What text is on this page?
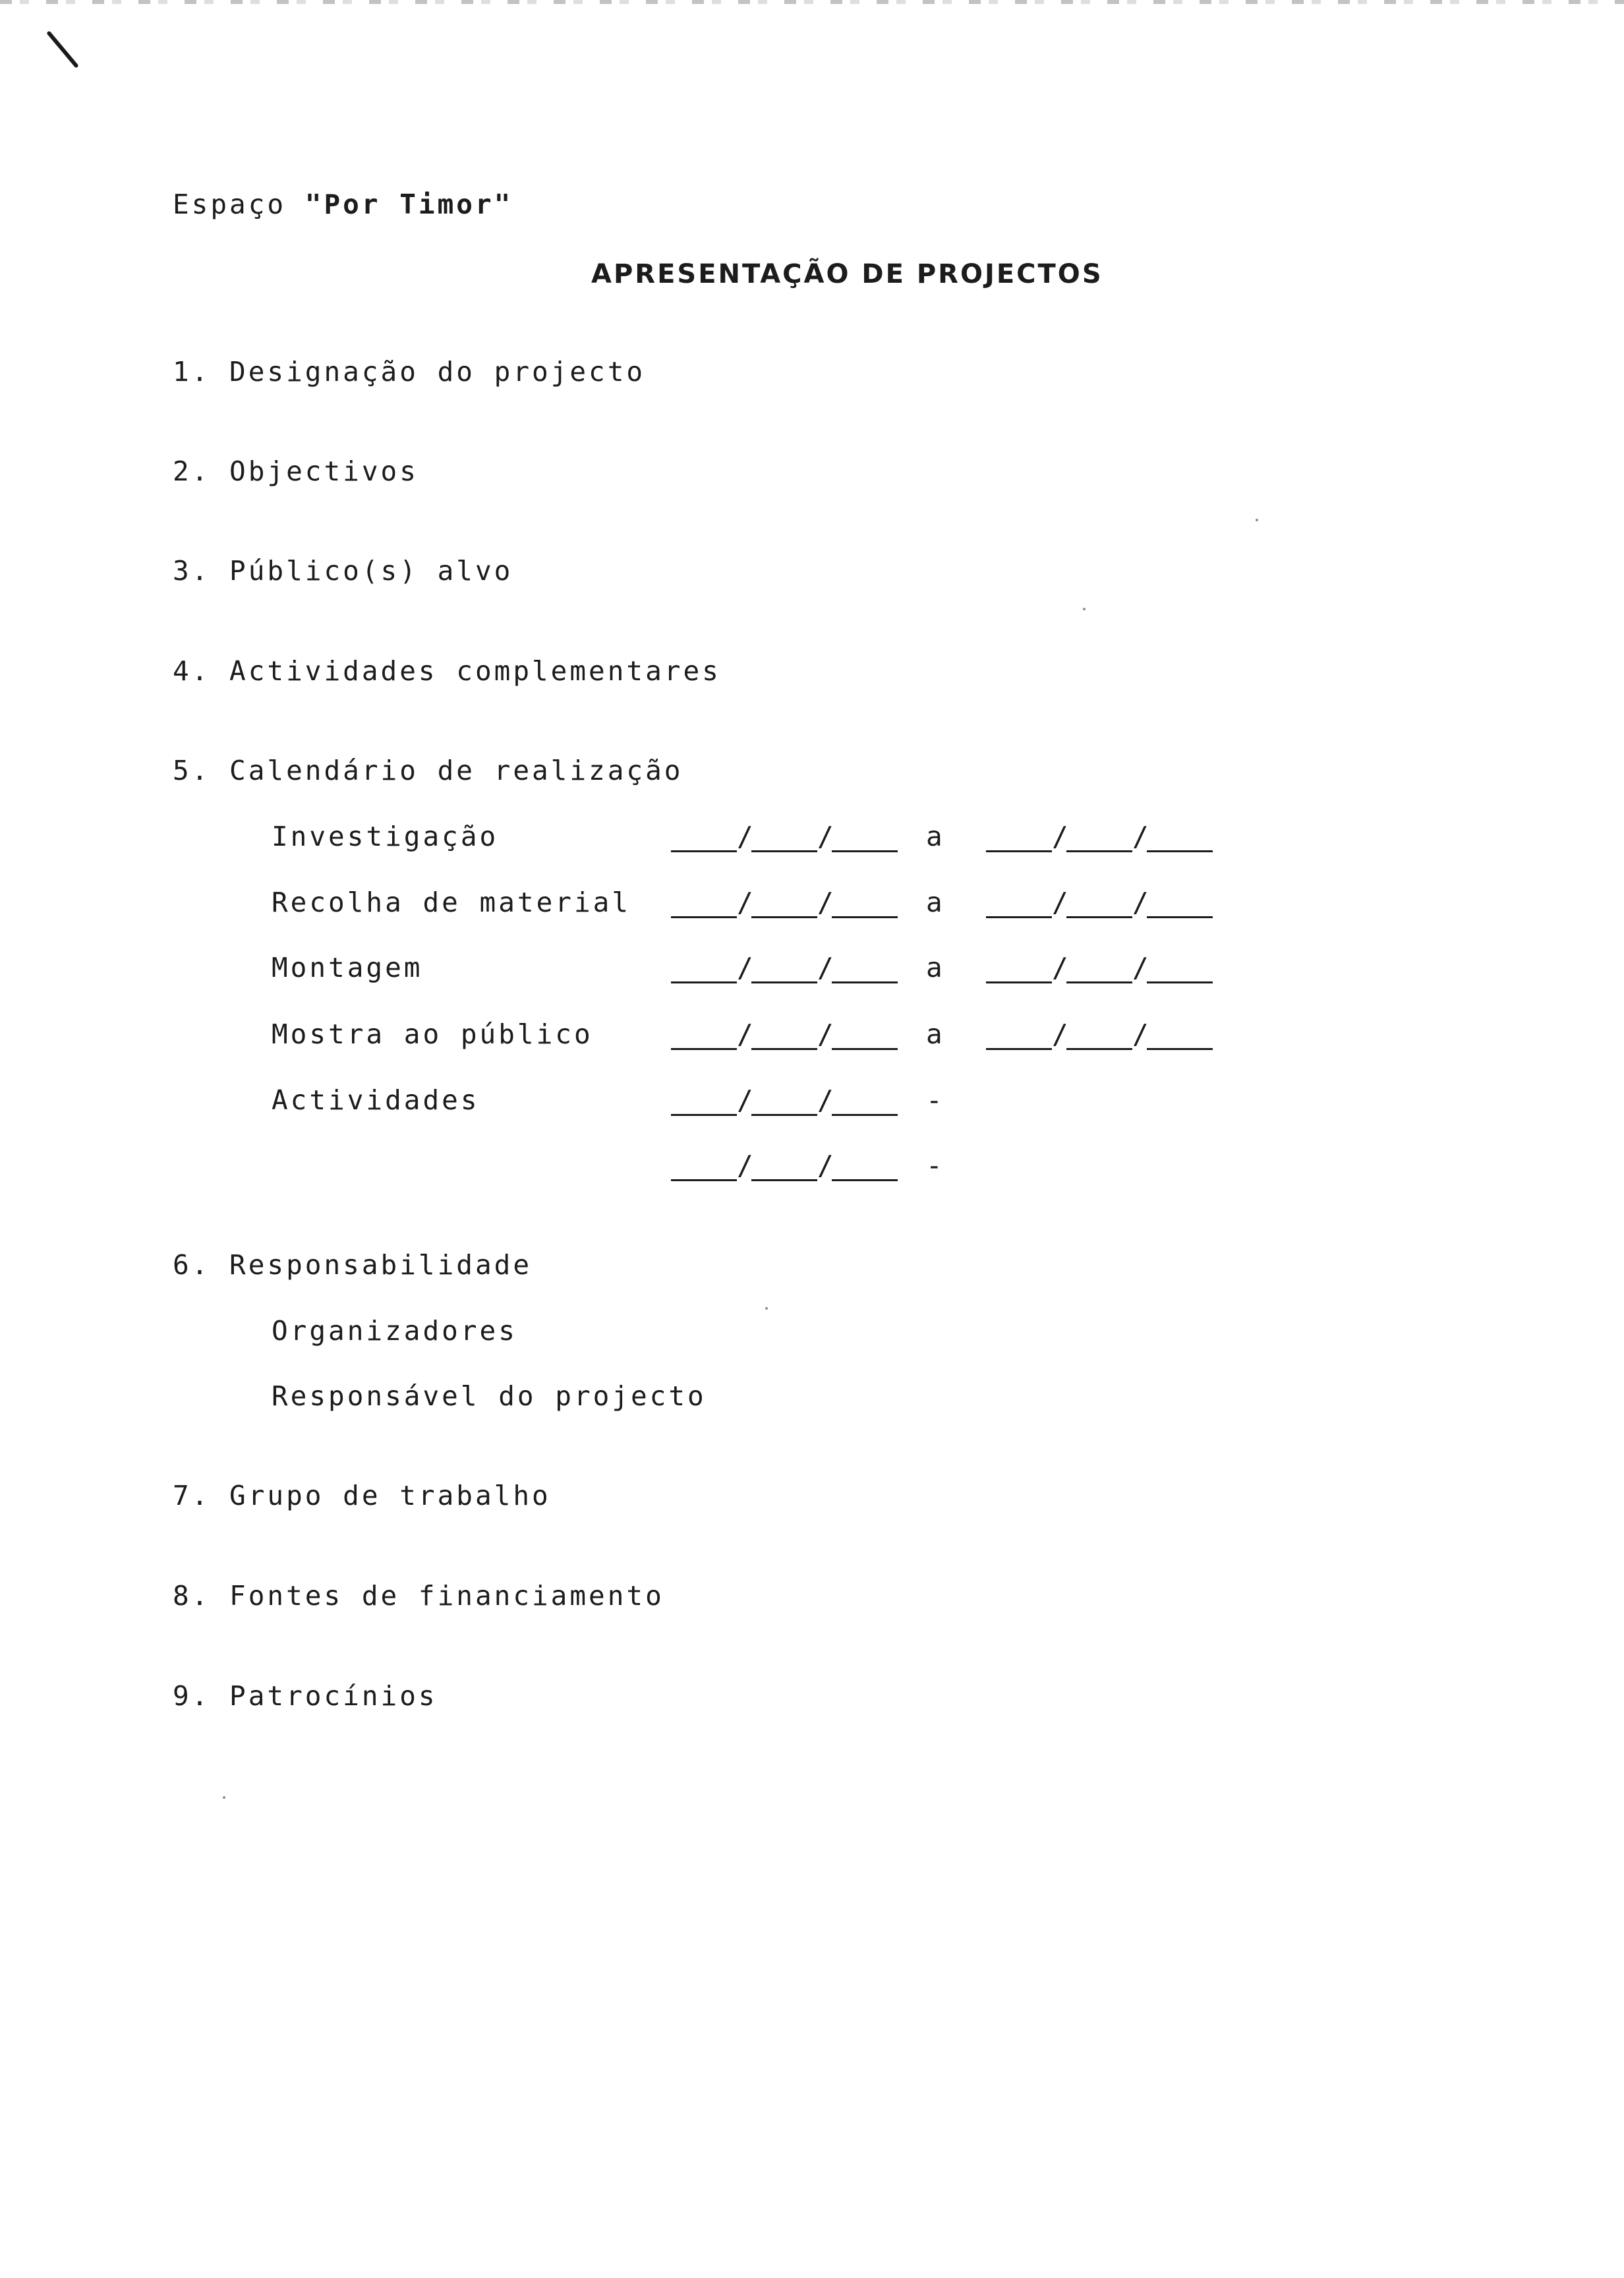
Espaço "Por Timor"
APRESENTAÇÃO DE PROJECTOS
1. Designação do projecto
2. Objectivos
3. Público(s) alvo
4. Actividades complementares
5. Calendário de realização
Investigação
Recolha de material
Montagem
Mostra ao público
Actividades
/ /
/ /
/ /
/ /
/ /
/ /
a
a
a
a
-
-
/ /
/ /
/ /
/ /
6. Responsabilidade
Organizadores
Responsável do projecto
7. Grupo de trabalho
8. Fontes de financiamento
9. Patrocínios
